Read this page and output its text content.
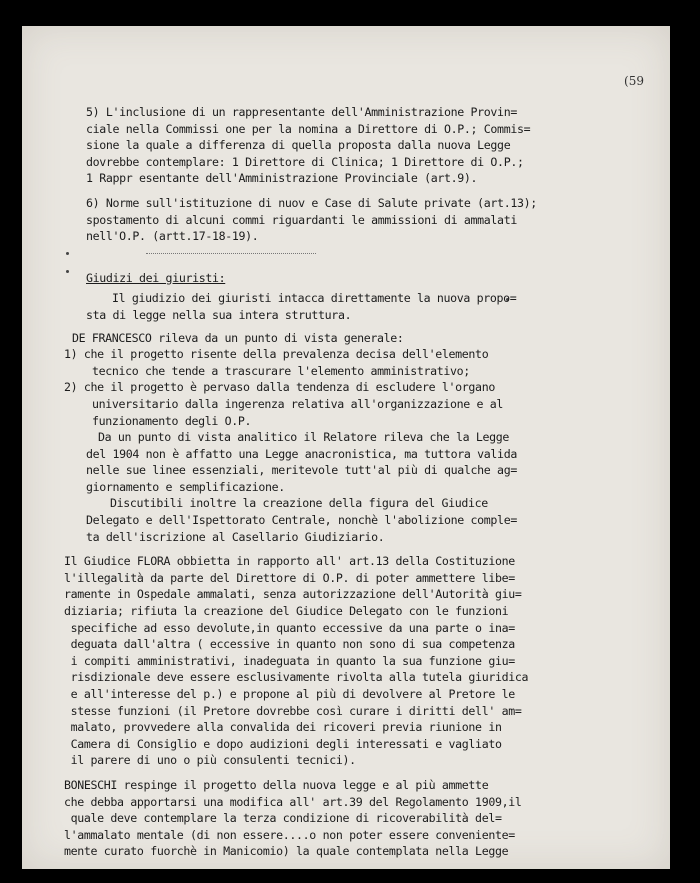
(59
5) L'inclusione di un rappresentante dell'Amministrazione Provin=
ciale nella Commissi one per la nomina a Direttore di O.P.; Commis=
sione la quale a differenza di quella proposta dalla nuova Legge
dovrebbe contemplare: 1 Direttore di Clinica; 1 Direttore di O.P.;
1 Rappr esentante dell'Amministrazione Provinciale (art.9).
6) Norme sull'istituzione di nuov e Case di Salute private (art.13);
spostamento di alcuni commi riguardanti le ammissioni di ammalati
nell'O.P. (artt.17-18-19).
Giudizi dei giuristi:
Il giudizio dei giuristi intacca direttamente la nuova propo=
sta di legge nella sua intera struttura.
DE FRANCESCO rileva da un punto di vista generale:
1) che il progetto risente della prevalenza decisa dell'elemento
tecnico che tende a trascurare l'elemento amministrativo;
2) che il progetto è pervaso dalla tendenza di escludere l'organo
universitario dalla ingerenza relativa all'organizzazione e al
funzionamento degli O.P.
Da un punto di vista analitico il Relatore rileva che la Legge
del 1904 non è affatto una Legge anacronistica, ma tuttora valida
nelle sue linee essenziali, meritevole tutt'al più di qualche ag=
giornamento e semplificazione.
Discutibili inoltre la creazione della figura del Giudice
Delegato e dell'Ispettorato Centrale, nonchè l'abolizione comple=
ta dell'iscrizione al Casellario Giudiziario.
Il Giudice FLORA obbietta in rapporto all' art.13 della Costituzione
l'illegalità da parte del Direttore di O.P. di poter ammettere libe=
ramente in Ospedale ammalati, senza autorizzazione dell'Autorità giu=
diziaria; rifiuta la creazione del Giudice Delegato con le funzioni
specifiche ad esso devolute,in quanto eccessive da una parte o ina=
deguata dall'altra ( eccessive in quanto non sono di sua competenza
i compiti amministrativi, inadeguata in quanto la sua funzione giu=
risdizionale deve essere esclusivamente rivolta alla tutela giuridica
e all'interesse del p.) e propone al più di devolvere al Pretore le
stesse funzioni (il Pretore dovrebbe così curare i diritti dell' am=
malato, provvedere alla convalida dei ricoveri previa riunione in
Camera di Consiglio e dopo audizioni degli interessati e vagliato
il parere di uno o più consulenti tecnici).
BONESCHI respinge il progetto della nuova legge e al più ammette
che debba apportarsi una modifica all' art.39 del Regolamento 1909,il
quale deve contemplare la terza condizione di ricoverabilità del=
l'ammalato mentale (di non essere....o non poter essere conveniente=
mente curato fuorchè in Manicomio) la quale contemplata nella Legge
